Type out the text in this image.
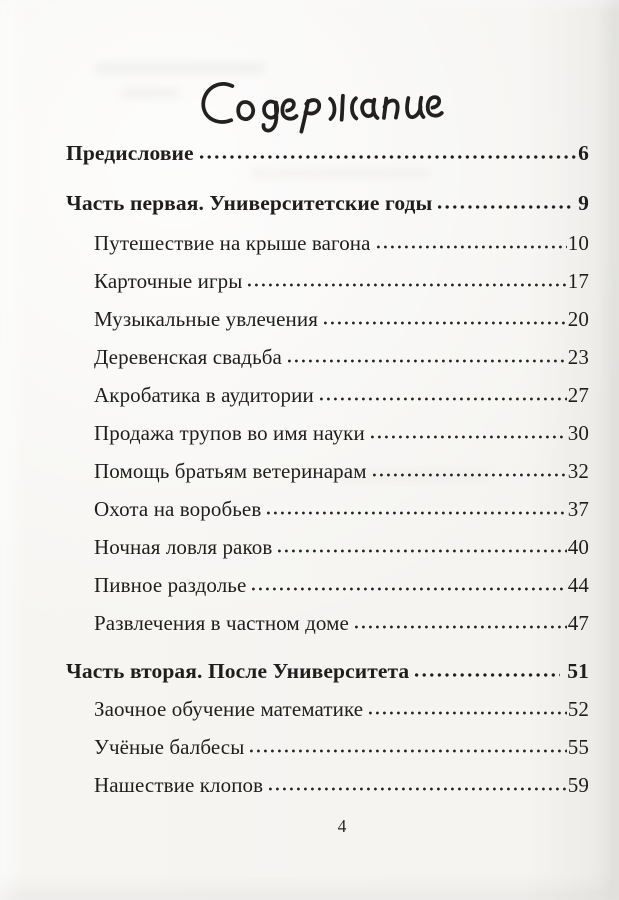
Предисловие	6
Часть первая. Университетские годы	9
Путешествие на крыше вагона	10
Карточные игры	17
Музыкальные увлечения	20
Деревенская свадьба	23
Акробатика в аудитории	27
Продажа трупов во имя науки	30
Помощь братьям ветеринарам	32
Охота на воробьев	37
Ночная ловля раков	40
Пивное раздолье	44
Развлечения в частном доме	47
Часть вторая. После Университета	51
Заочное обучение математике	52
Учёные балбесы	55
Нашествие клопов	59
4
